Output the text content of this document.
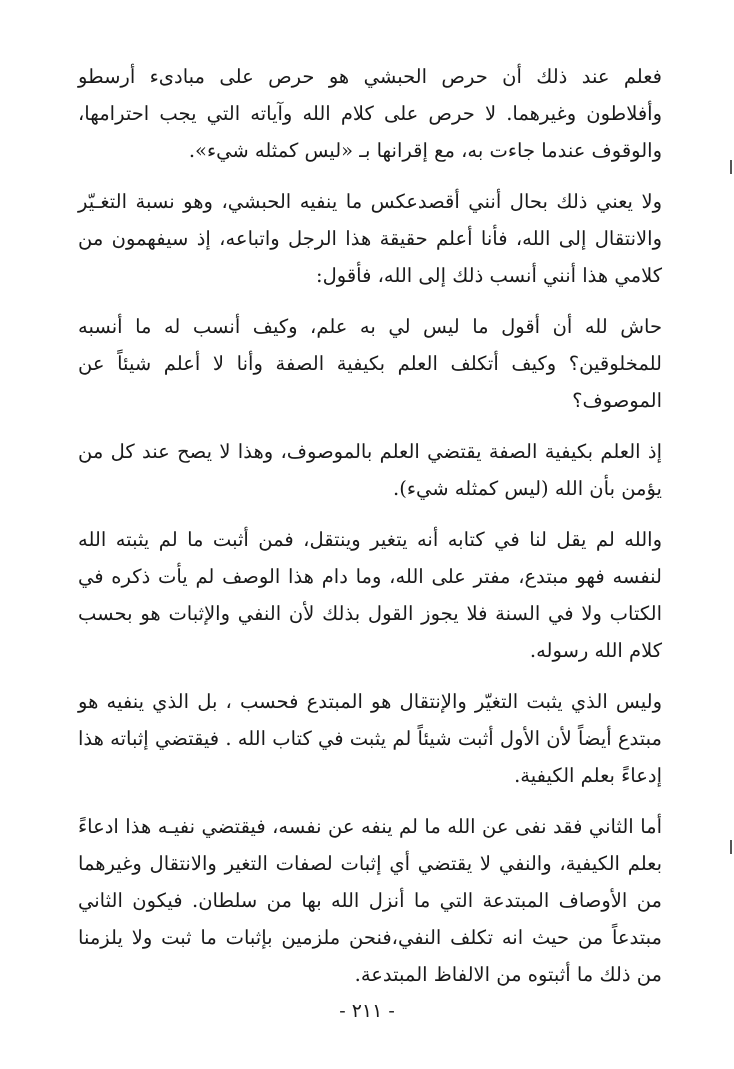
فعلم عند ذلك أن حرص الحبشي هو حرص على مبادىء أرسطو وأفلاطون وغيرهما. لا حرص على كلام الله وآياته التي يجب احترامها، والوقوف عندما جاءت به، مع إقرانها بـ «ليس كمثله شيء».

ولا يعني ذلك بحال أنني أقصدعكس ما ينفيه الحبشي، وهو نسبة التغـيّر والانتقال إلى الله، فأنا أعلم حقيقة هذا الرجل واتباعه، إذ سيفهمون من كلامي هذا أنني أنسب ذلك إلى الله، فأقول:

حاش لله أن أقول ما ليس لي به علم، وكيف أنسب له ما أنسبه للمخلوقين؟ وكيف أتكلف العلم بكيفية الصفة وأنا لا أعلم شيئاً عن الموصوف؟

إذ العلم بكيفية الصفة يقتضي العلم بالموصوف، وهذا لا يصح عند كل من يؤمن بأن الله (ليس كمثله شيء).

والله لم يقل لنا في كتابه أنه يتغير وينتقل، فمن أثبت ما لم يثبته الله لنفسه فهو مبتدع، مفتر على الله، وما دام هذا الوصف لم يأت ذكره في الكتاب ولا في السنة فلا يجوز القول بذلك لأن النفي والإثبات هو بحسب كلام الله رسوله.

وليس الذي يثبت التغيّر والإنتقال هو المبتدع فحسب ، بل الذي ينفيه هو مبتدع أيضاً لأن الأول أثبت شيئاً لم يثبت في كتاب الله . فيقتضي إثباته هذا إدعاءً بعلم الكيفية.

أما الثاني فقد نفى عن الله ما لم ينفه عن نفسه، فيقتضي نفيـه هذا ادعاءً بعلم الكيفية، والنفي لا يقتضي أي إثبات لصفات التغير والانتقال وغيرهما من الأوصاف المبتدعة التي ما أنزل الله بها من سلطان. فيكون الثاني مبتدعاً من حيث انه تكلف النفي،فنحن ملزمين بإثبات ما ثبت ولا يلزمنا من ذلك ما أثبتوه من الالفاظ المبتدعة.

- ٢١١ -
